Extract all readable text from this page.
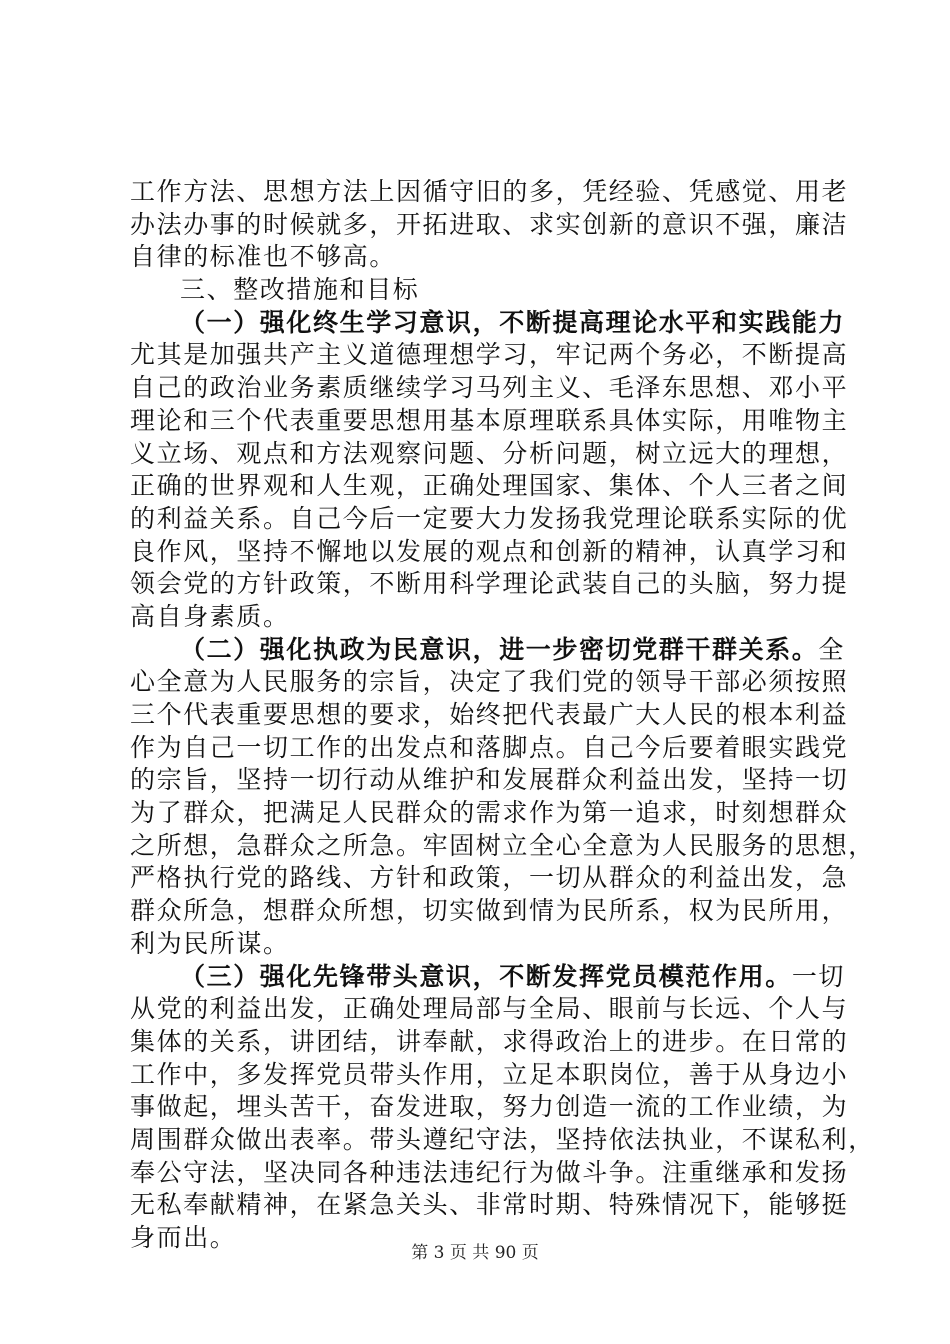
工作方法、思想方法上因循守旧的多，凭经验、凭感觉、用老
办法办事的时候就多，开拓进取、求实创新的意识不强，廉洁
自律的标准也不够高。
三、整改措施和目标
（一）强化终生学习意识，不断提高理论水平和实践能力
尤其是加强共产主义道德理想学习，牢记两个务必，不断提高
自己的政治业务素质继续学习马列主义、毛泽东思想、邓小平
理论和三个代表重要思想用基本原理联系具体实际，用唯物主
义立场、观点和方法观察问题、分析问题，树立远大的理想，
正确的世界观和人生观，正确处理国家、集体、个人三者之间
的利益关系。自己今后一定要大力发扬我党理论联系实际的优
良作风，坚持不懈地以发展的观点和创新的精神，认真学习和
领会党的方针政策，不断用科学理论武装自己的头脑，努力提
高自身素质。
（二）强化执政为民意识，进一步密切党群干群关系。全
心全意为人民服务的宗旨，决定了我们党的领导干部必须按照
三个代表重要思想的要求，始终把代表最广大人民的根本利益
作为自己一切工作的出发点和落脚点。自己今后要着眼实践党
的宗旨，坚持一切行动从维护和发展群众利益出发，坚持一切
为了群众，把满足人民群众的需求作为第一追求，时刻想群众
之所想，急群众之所急。牢固树立全心全意为人民服务的思想，
严格执行党的路线、方针和政策，一切从群众的利益出发，急
群众所急，想群众所想，切实做到情为民所系，权为民所用，
利为民所谋。
（三）强化先锋带头意识，不断发挥党员模范作用。一切
从党的利益出发，正确处理局部与全局、眼前与长远、个人与
集体的关系，讲团结，讲奉献，求得政治上的进步。在日常的
工作中，多发挥党员带头作用，立足本职岗位，善于从身边小
事做起，埋头苦干，奋发进取，努力创造一流的工作业绩，为
周围群众做出表率。带头遵纪守法，坚持依法执业，不谋私利，
奉公守法，坚决同各种违法违纪行为做斗争。注重继承和发扬
无私奉献精神，在紧急关头、非常时期、特殊情况下，能够挺
身而出。
第 3 页 共 90 页
